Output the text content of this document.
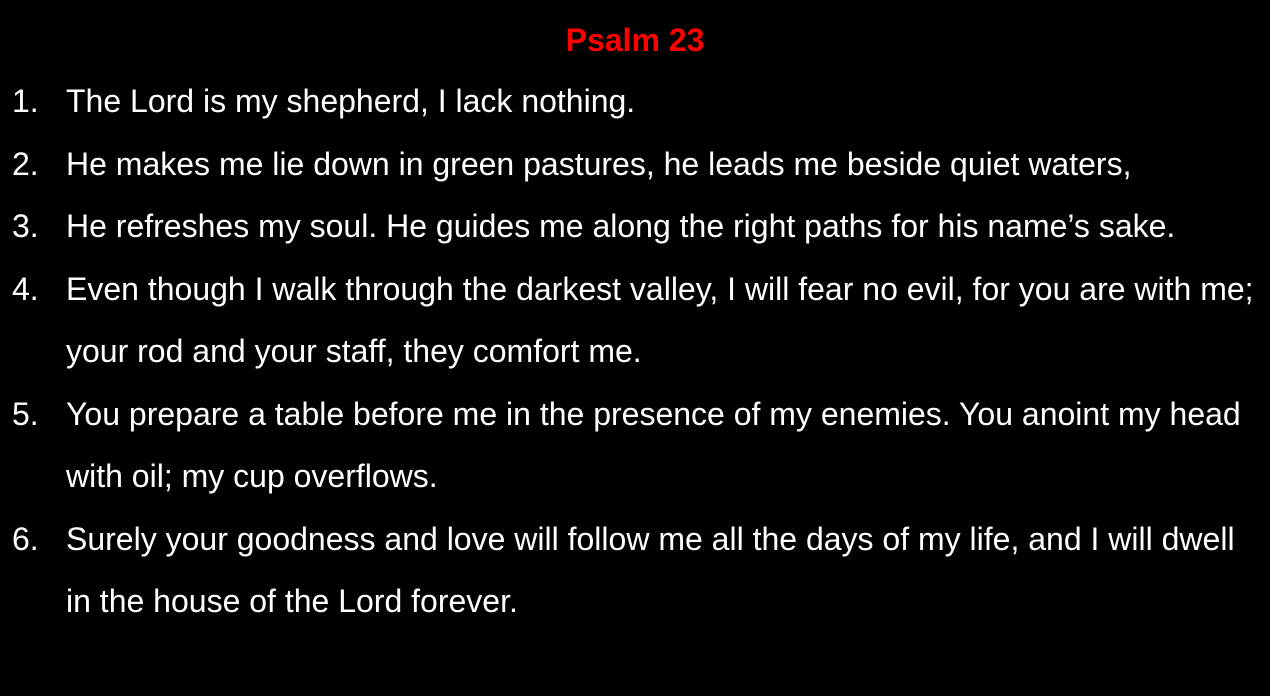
Psalm 23
1. The Lord is my shepherd, I lack nothing.
2. He makes me lie down in green pastures, he leads me beside quiet waters,
3. He refreshes my soul. He guides me along the right paths for his name’s sake.
4. Even though I walk through the darkest valley, I will fear no evil, for you are with me; your rod and your staff, they comfort me.
5. You prepare a table before me in the presence of my enemies. You anoint my head with oil; my cup overflows.
6. Surely your goodness and love will follow me all the days of my life, and I will dwell in the house of the Lord forever.
